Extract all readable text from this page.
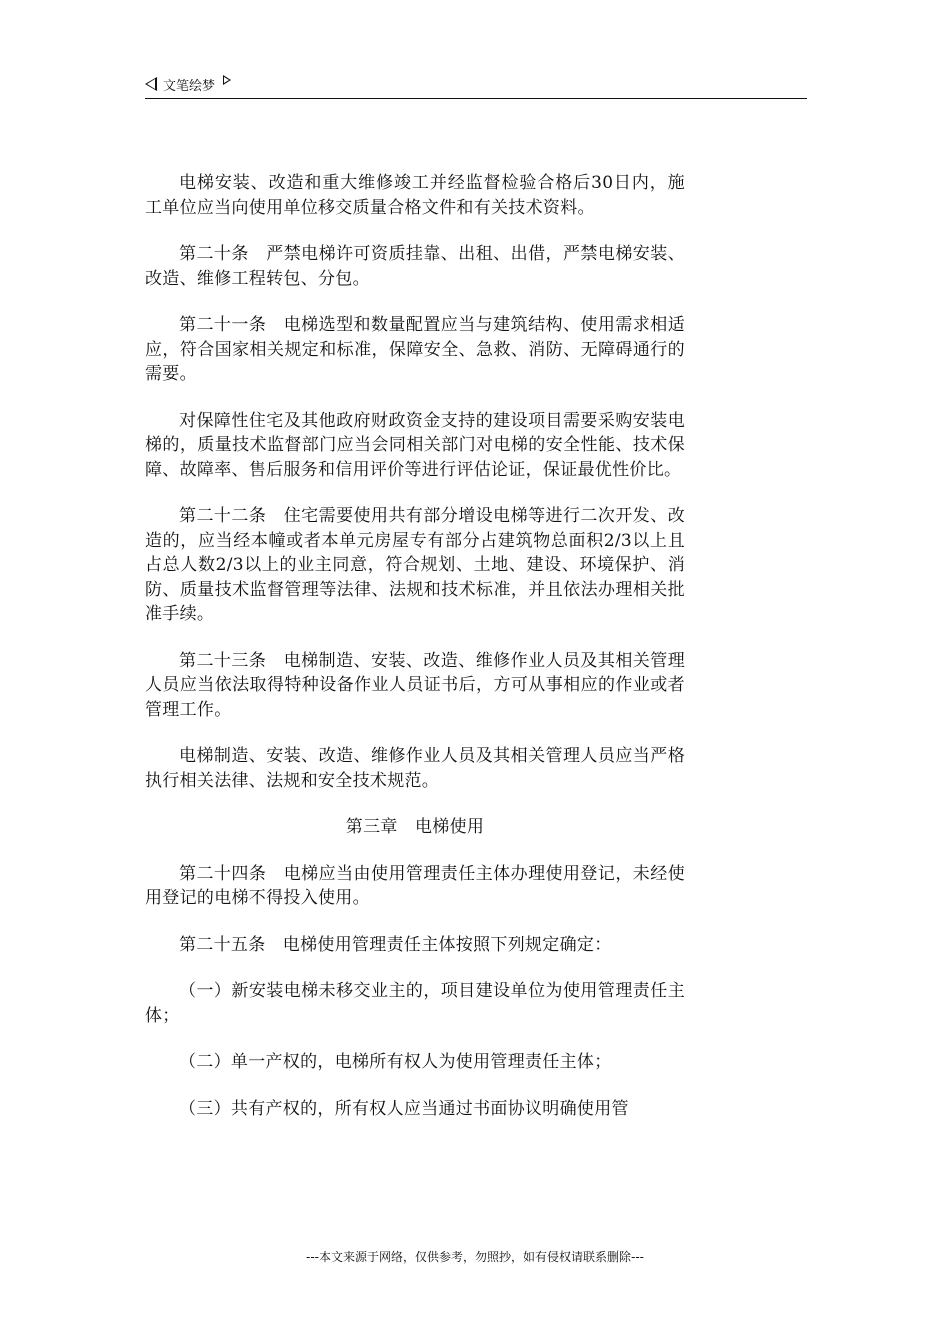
文笔绘梦

电梯安装、改造和重大维修竣工并经监督检验合格后30日内，施工单位应当向使用单位移交质量合格文件和有关技术资料。

第二十条　严禁电梯许可资质挂靠、出租、出借，严禁电梯安装、改造、维修工程转包、分包。

第二十一条　电梯选型和数量配置应当与建筑结构、使用需求相适应，符合国家相关规定和标准，保障安全、急救、消防、无障碍通行的需要。

对保障性住宅及其他政府财政资金支持的建设项目需要采购安装电梯的，质量技术监督部门应当会同相关部门对电梯的安全性能、技术保障、故障率、售后服务和信用评价等进行评估论证，保证最优性价比。

第二十二条　住宅需要使用共有部分增设电梯等进行二次开发、改造的，应当经本幢或者本单元房屋专有部分占建筑物总面积2/3以上且占总人数2/3以上的业主同意，符合规划、土地、建设、环境保护、消防、质量技术监督管理等法律、法规和技术标准，并且依法办理相关批准手续。

第二十三条　电梯制造、安装、改造、维修作业人员及其相关管理人员应当依法取得特种设备作业人员证书后，方可从事相应的作业或者管理工作。

电梯制造、安装、改造、维修作业人员及其相关管理人员应当严格执行相关法律、法规和安全技术规范。

第三章　电梯使用

第二十四条　电梯应当由使用管理责任主体办理使用登记，未经使用登记的电梯不得投入使用。

第二十五条　电梯使用管理责任主体按照下列规定确定：

（一）新安装电梯未移交业主的，项目建设单位为使用管理责任主体；

（二）单一产权的，电梯所有权人为使用管理责任主体；

（三）共有产权的，所有权人应当通过书面协议明确使用管

---本文来源于网络，仅供参考，勿照抄，如有侵权请联系删除---
